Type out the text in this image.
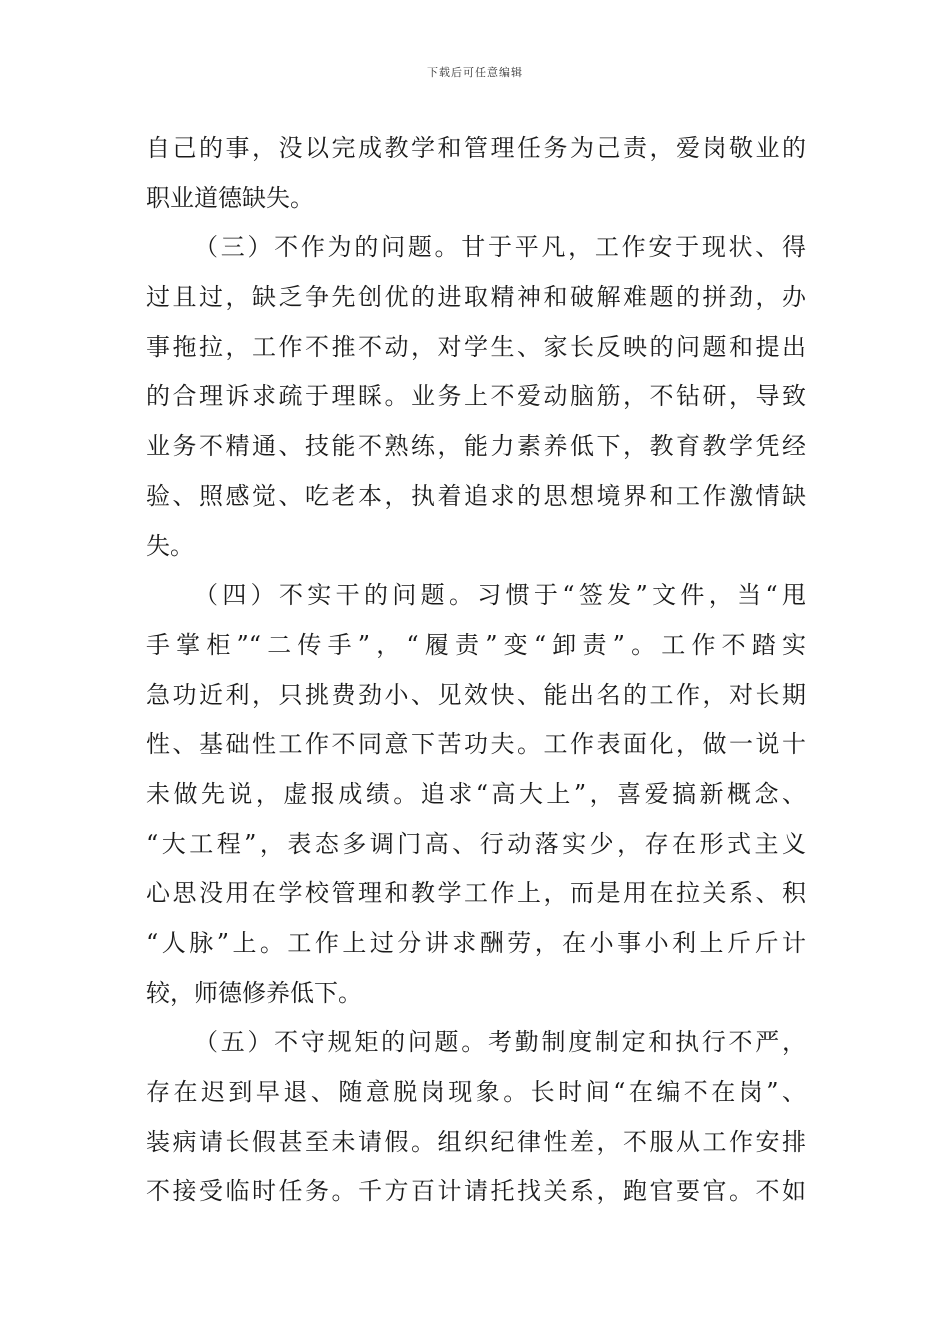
下载后可任意编辑
自己的事，没以完成教学和管理任务为己责，爱岗敬业的
职业道德缺失。
（三）不作为的问题。甘于平凡，工作安于现状、得
过且过，缺乏争先创优的进取精神和破解难题的拼劲，办
事拖拉，工作不推不动，对学生、家长反映的问题和提出
的合理诉求疏于理睬。业务上不爱动脑筋，不钻研，导致
业务不精通、技能不熟练，能力素养低下，教育教学凭经
验、照感觉、吃老本，执着追求的思想境界和工作激情缺
失。
（四）不实干的问题。习惯于“签发”文件，当“甩
手掌柜”“二传手”，“履责”变“卸责”。工作不踏实
急功近利，只挑费劲小、见效快、能出名的工作，对长期
性、基础性工作不同意下苦功夫。工作表面化，做一说十
未做先说，虚报成绩。追求“高大上”，喜爱搞新概念、
“大工程”，表态多调门高、行动落实少，存在形式主义
心思没用在学校管理和教学工作上，而是用在拉关系、积
“人脉”上。工作上过分讲求酬劳，在小事小利上斤斤计
较，师德修养低下。
（五）不守规矩的问题。考勤制度制定和执行不严，
存在迟到早退、随意脱岗现象。长时间“在编不在岗”、
装病请长假甚至未请假。组织纪律性差，不服从工作安排
不接受临时任务。千方百计请托找关系，跑官要官。不如
